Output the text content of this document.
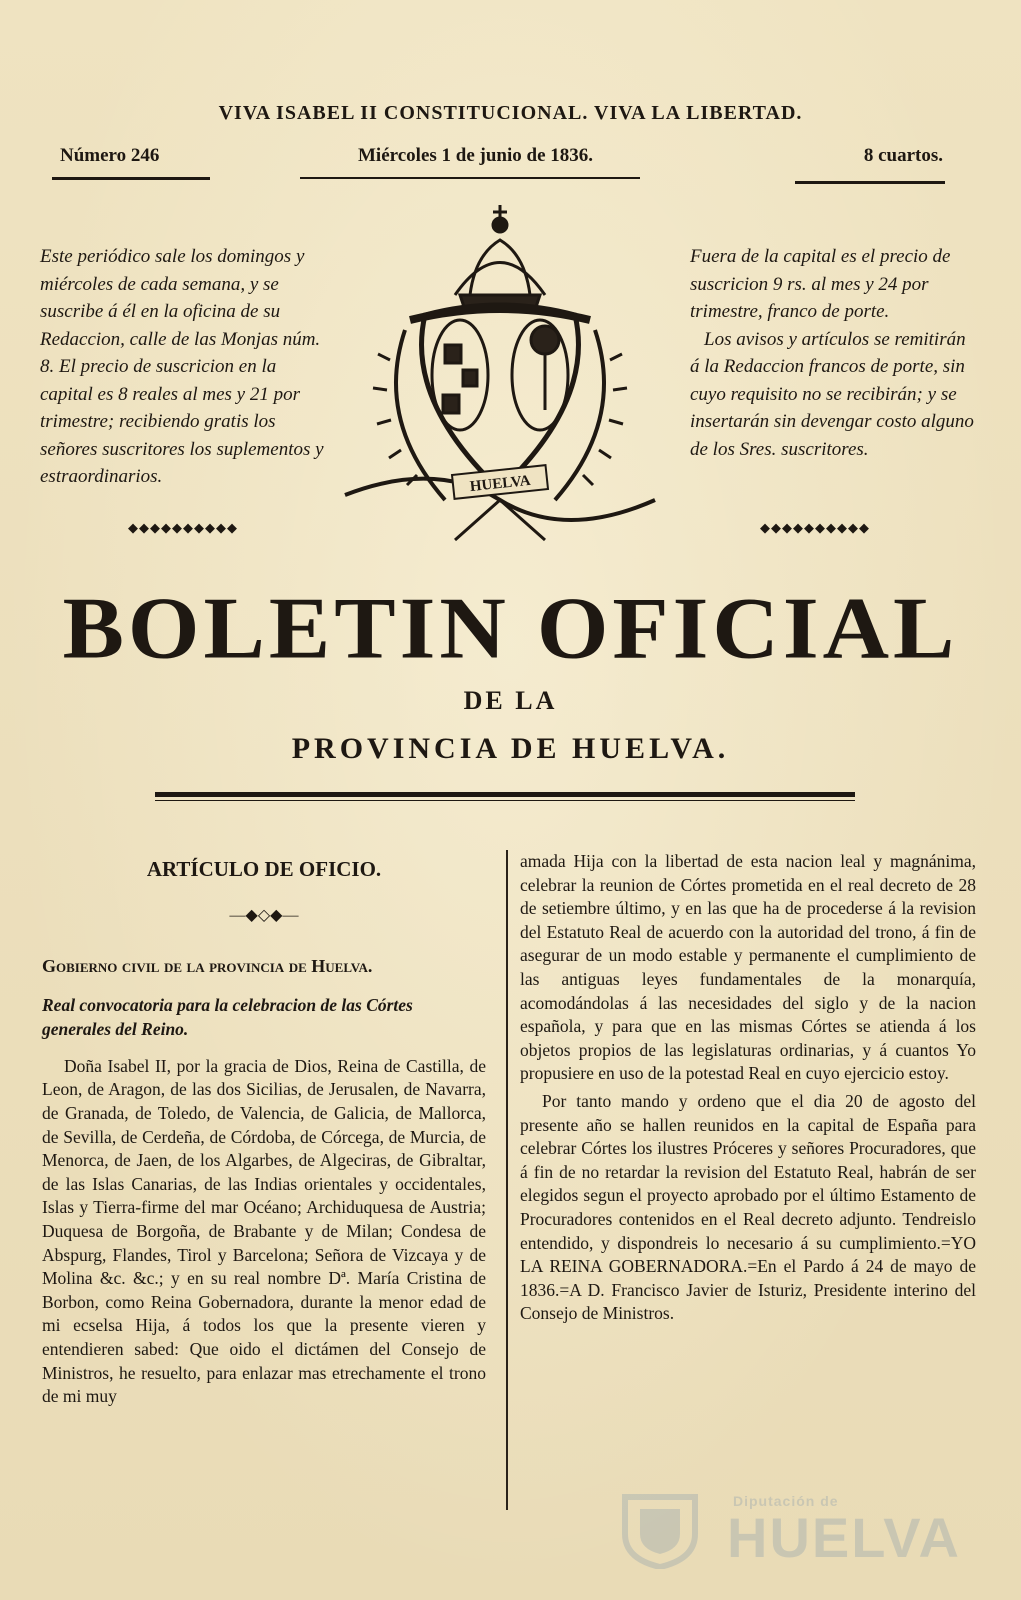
VIVA ISABEL II CONSTITUCIONAL. VIVA LA LIBERTAD.
Número 246	Miércoles 1 de junio de 1836.	8 cuartos.

Este periódico sale los domingos y miércoles de cada semana, y se suscribe á él en la oficina de su Redaccion, calle de las Monjas núm. 8. El precio de suscricion en la capital es 8 reales al mes y 21 por trimestre; recibiendo gratis los señores suscritores los suplementos y estraordinarios.

Fuera de la capital es el precio de suscricion 9 rs. al mes y 24 por trimestre, franco de porte.

Los avisos y artículos se remitirán á la Redaccion francos de porte, sin cuyo requisito no se recibirán; y se insertarán sin devengar costo alguno de los Sres. suscritores.

◆◆◆◆◆◆◆◆◆◆	◆◆◆◆◆◆◆◆◆◆
HUELVA
BOLETIN OFICIAL
DE LA
PROVINCIA DE HUELVA.
ARTÍCULO DE OFICIO.
—◆◇◆—
Gobierno civil de la provincia de Huelva.
Real convocatoria para la celebracion de las Córtes generales del Reino.

Doña Isabel II, por la gracia de Dios, Reina de Castilla, de Leon, de Aragon, de las dos Sicilias, de Jerusalen, de Navarra, de Granada, de Toledo, de Valencia, de Galicia, de Mallorca, de Sevilla, de Cerdeña, de Córdoba, de Córcega, de Murcia, de Menorca, de Jaen, de los Algarbes, de Algeciras, de Gibraltar, de las Islas Canarias, de las Indias orientales y occidentales, Islas y Tierra-firme del mar Océano; Archiduquesa de Austria; Duquesa de Borgoña, de Brabante y de Milan; Condesa de Abspurg, Flandes, Tirol y Barcelona; Señora de Vizcaya y de Molina &c. &c.; y en su real nombre Dª. María Cristina de Borbon, como Reina Gobernadora, durante la menor edad de mi ecselsa Hija, á todos los que la presente vieren y entendieren sabed: Que oido el dictámen del Consejo de Ministros, he resuelto, para enlazar mas etrechamente el trono de mi muy

amada Hija con la libertad de esta nacion leal y magnánima, celebrar la reunion de Córtes prometida en el real decreto de 28 de setiembre último, y en las que ha de procederse á la revision del Estatuto Real de acuerdo con la autoridad del trono, á fin de asegurar de un modo estable y permanente el cumplimiento de las antiguas leyes fundamentales de la monarquía, acomodándolas á las necesidades del siglo y de la nacion española, y para que en las mismas Córtes se atienda á los objetos propios de las legislaturas ordinarias, y á cuantos Yo propusiere en uso de la potestad Real en cuyo ejercicio estoy.

Por tanto mando y ordeno que el dia 20 de agosto del presente año se hallen reunidos en la capital de España para celebrar Córtes los ilustres Próceres y señores Procuradores, que á fin de no retardar la revision del Estatuto Real, habrán de ser elegidos segun el proyecto aprobado por el último Estamento de Procuradores contenidos en el Real decreto adjunto. Tendreislo entendido, y dispondreis lo necesario á su cumplimiento.=YO LA REINA GOBERNADORA.=En el Pardo á 24 de mayo de 1836.=A D. Francisco Javier de Isturiz, Presidente interino del Consejo de Ministros.

Diputación de
HUELVA
